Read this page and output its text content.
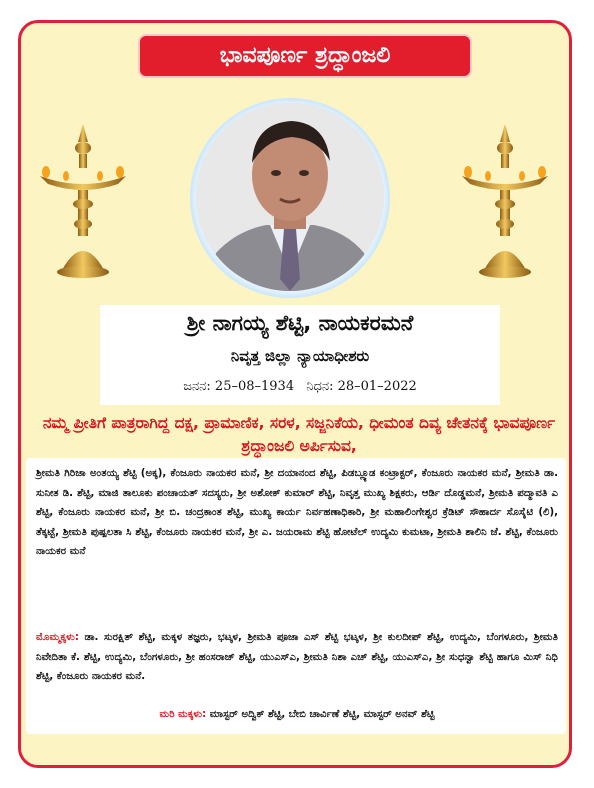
ಭಾವಪೂರ್ಣ ಶ್ರದ್ಧಾಂಜಲಿ
ಶ್ರೀ ನಾಗಯ್ಯ ಶೆಟ್ಟಿ, ನಾಯಕರಮನೆ
ನಿವೃತ್ತ ಜಿಲ್ಲಾ ನ್ಯಾಯಾಧೀಶರು
ಜನನ: 25–08–1934 ನಿಧನ: 28–01–2022
ನಮ್ಮ ಪ್ರೀತಿಗೆ ಪಾತ್ರರಾಗಿದ್ದ ದಕ್ಷ, ಪ್ರಾಮಾಣಿಕ, ಸರಳ, ಸಜ್ಜನಿಕೆಯ, ಧೀಮಂತ ದಿವ್ಯ ಚೇತನಕ್ಕೆ ಭಾವಪೂರ್ಣ ಶ್ರದ್ಧಾಂಜಲಿ ಅರ್ಪಿಸುವ,
ಶ್ರೀಮತಿ ಗಿರಿಜಾ ಅಂತಯ್ಯ ಶೆಟ್ಟಿ (ಅಕ್ಕ), ಕೆಂಜೂರು ನಾಯಕರ ಮನೆ, ಶ್ರೀ ದಯಾನಂದ ಶೆಟ್ಟಿ, ಪಿಡಬ್ಲ್ಯೂಡ ಕಂಟ್ರಾಕ್ಟರ್, ಕೆಂಜೂರು ನಾಯಕರ ಮನೆ, ಶ್ರೀಮತಿ ಡಾ. ಸುನೀತ ಡಿ. ಶೆಟ್ಟಿ, ಮಾಜಿ ತಾಲೂಕು ಪಂಚಾಯತ್ ಸದಸ್ಯರು, ಶ್ರೀ ಅಶೋಕ್ ಕುಮಾರ್ ಶೆಟ್ಟಿ, ನಿವೃತ್ತ ಮುಖ್ಯ ಶಿಕ್ಷಕರು, ಆರ್ಡಿ ದೊಡ್ಡಮನೆ, ಶ್ರೀಮತಿ ಪದ್ಮಾವತಿ ಎ ಶೆಟ್ಟಿ, ಕೆಂಜೂರು ನಾಯಕರ ಮನೆ, ಶ್ರೀ ಬಿ. ಚಂದ್ರಕಾಂತ ಶೆಟ್ಟಿ, ಮುಖ್ಯ ಕಾರ್ಯ ನಿರ್ವಹಣಾಧಿಕಾರಿ, ಶ್ರೀ ಮಹಾಲಿಂಗೇಶ್ವರ ಕ್ರೆಡಿಟ್ ಸೌಹಾರ್ದ ಸೊಸೈಟಿ (ಲಿ), ತೆಕ್ಕಟ್ಟೆ, ಶ್ರೀಮತಿ ಪುಷ್ಪಲತಾ ಸಿ ಶೆಟ್ಟಿ, ಕೆಂಜೂರು ನಾಯಕರ ಮನೆ, ಶ್ರೀ ಎ. ಜಯರಾಮ ಶೆಟ್ಟಿ ಹೋಟೆಲ್ ಉದ್ಯಮಿ ಕುಮಟಾ, ಶ್ರೀಮತಿ ಶಾಲಿನಿ ಜೆ. ಶೆಟ್ಟಿ, ಕೆಂಜೂರು ನಾಯಕರ ಮನೆ
ಮೊಮ್ಮಕ್ಕಳು: ಡಾ. ಸುರಕ್ಷಿತ್ ಶೆಟ್ಟಿ, ಮಕ್ಕಳ ತಜ್ಞರು, ಭಟ್ಕಳ, ಶ್ರೀಮತಿ ಪೂಜಾ ಎಸ್ ಶೆಟ್ಟಿ ಭಟ್ಕಳ, ಶ್ರೀ ಕುಲದೀಪ್ ಶೆಟ್ಟಿ, ಉದ್ಯಮಿ, ಬೆಂಗಳೂರು, ಶ್ರೀಮತಿ ನಿವೇದಿತಾ ಕೆ. ಶೆಟ್ಟಿ, ಉದ್ಯಮಿ, ಬೆಂಗಳೂರು, ಶ್ರೀ ಹಂಸರಾಜ್ ಶೆಟ್ಟಿ, ಯುಎಸ್ಎ, ಶ್ರೀಮತಿ ನಿಶಾ ಎಚ್ ಶೆಟ್ಟಿ, ಯುಎಸ್ಎ, ಶ್ರೀ ಸುಧನ್ವಾ ಶೆಟ್ಟಿ ಹಾಗೂ ಮಿಸ್ ನಿಧಿ ಶೆಟ್ಟಿ, ಕೆಂಜೂರು ನಾಯಕರ ಮನೆ.
ಮರಿ ಮಕ್ಕಳು: ಮಾಸ್ಟರ್ ಅದ್ವಿಕ್ ಶೆಟ್ಟಿ, ಬೇಬಿ ಚಾರ್ವಿಣೆ ಶೆಟ್ಟಿ, ಮಾಸ್ಟರ್ ಅನವ್ ಶೆಟ್ಟಿ
